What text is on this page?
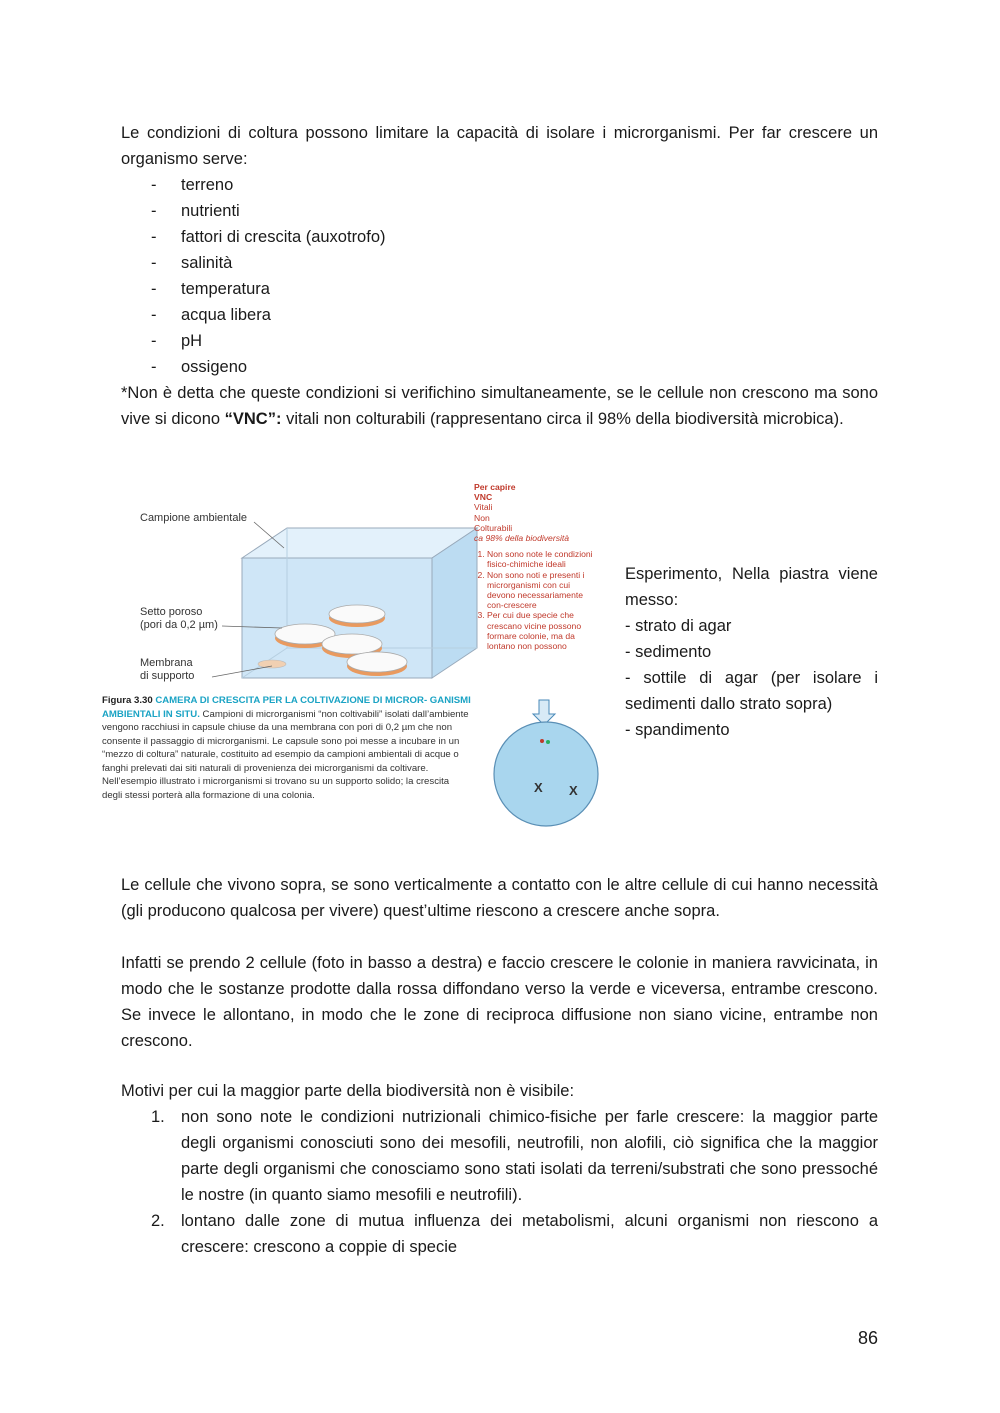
Le condizioni di coltura possono limitare la capacità di isolare i microrganismi. Per far crescere un organismo serve:

- terreno
- nutrienti
- fattori di crescita (auxotrofo)
- salinità
- temperatura
- acqua libera
- pH
- ossigeno

*Non è detta che queste condizioni si verifichino simultaneamente, se le cellule non crescono ma sono vive si dicono “VNC”: vitali non colturabili (rappresentano circa il 98% della biodiversità microbica).

Campione ambientale
Setto poroso
(pori da 0,2 µm)
Membrana
di supporto
X X
Figura 3.30 CAMERA DI CRESCITA PER LA COLTIVAZIONE DI MICROR- GANISMI AMBIENTALI IN SITU. Campioni di microrganismi “non coltivabili” isolati dall’ambiente vengono racchiusi in capsule chiuse da una membrana con pori di 0,2 µm che non consente il passaggio di microrganismi. Le capsule sono poi messe a incubare in un “mezzo di coltura” naturale, costituito ad esempio da campioni ambientali di acque o fanghi prelevati dai siti naturali di provenienza dei microrganismi da coltivare. Nell’esempio illustrato i microrganismi si trovano su un supporto solido; la crescita degli stessi porterà alla formazione di una colonia.
Per capire
VNC
Vitali
Non
Colturabili
ca 98% della biodiversità
1. Non sono note le condizioni fisico-chimiche ideali
2. Non sono noti e presenti i microrganismi con cui devono necessariamente con-crescere
3. Per cui due specie che crescano vicine possono formare colonie, ma da lontano non possono

Esperimento, Nella piastra viene messo:

- strato di agar

- sedimento

- sottile di agar (per isolare i sedimenti dallo strato sopra)

- spandimento

Le cellule che vivono sopra, se sono verticalmente a contatto con le altre cellule di cui hanno necessità (gli producono qualcosa per vivere) quest’ultime riescono a crescere anche sopra.

Infatti se prendo 2 cellule (foto in basso a destra) e faccio crescere le colonie in maniera ravvicinata, in modo che le sostanze prodotte dalla rossa diffondano verso la verde e viceversa, entrambe crescono. Se invece le allontano, in modo che le zone di reciproca diffusione non siano vicine, entrambe non crescono.

Motivi per cui la maggior parte della biodiversità non è visibile:

1. non sono note le condizioni nutrizionali chimico-fisiche per farle crescere: la maggior parte degli organismi conosciuti sono dei mesofili, neutrofili, non alofili, ciò significa che la maggior parte degli organismi che conosciamo sono stati isolati da terreni/substrati che sono pressoché le nostre (in quanto siamo mesofili e neutrofili).
2. lontano dalle zone di mutua influenza dei metabolismi, alcuni organismi non riescono a crescere: crescono a coppie di specie
86
